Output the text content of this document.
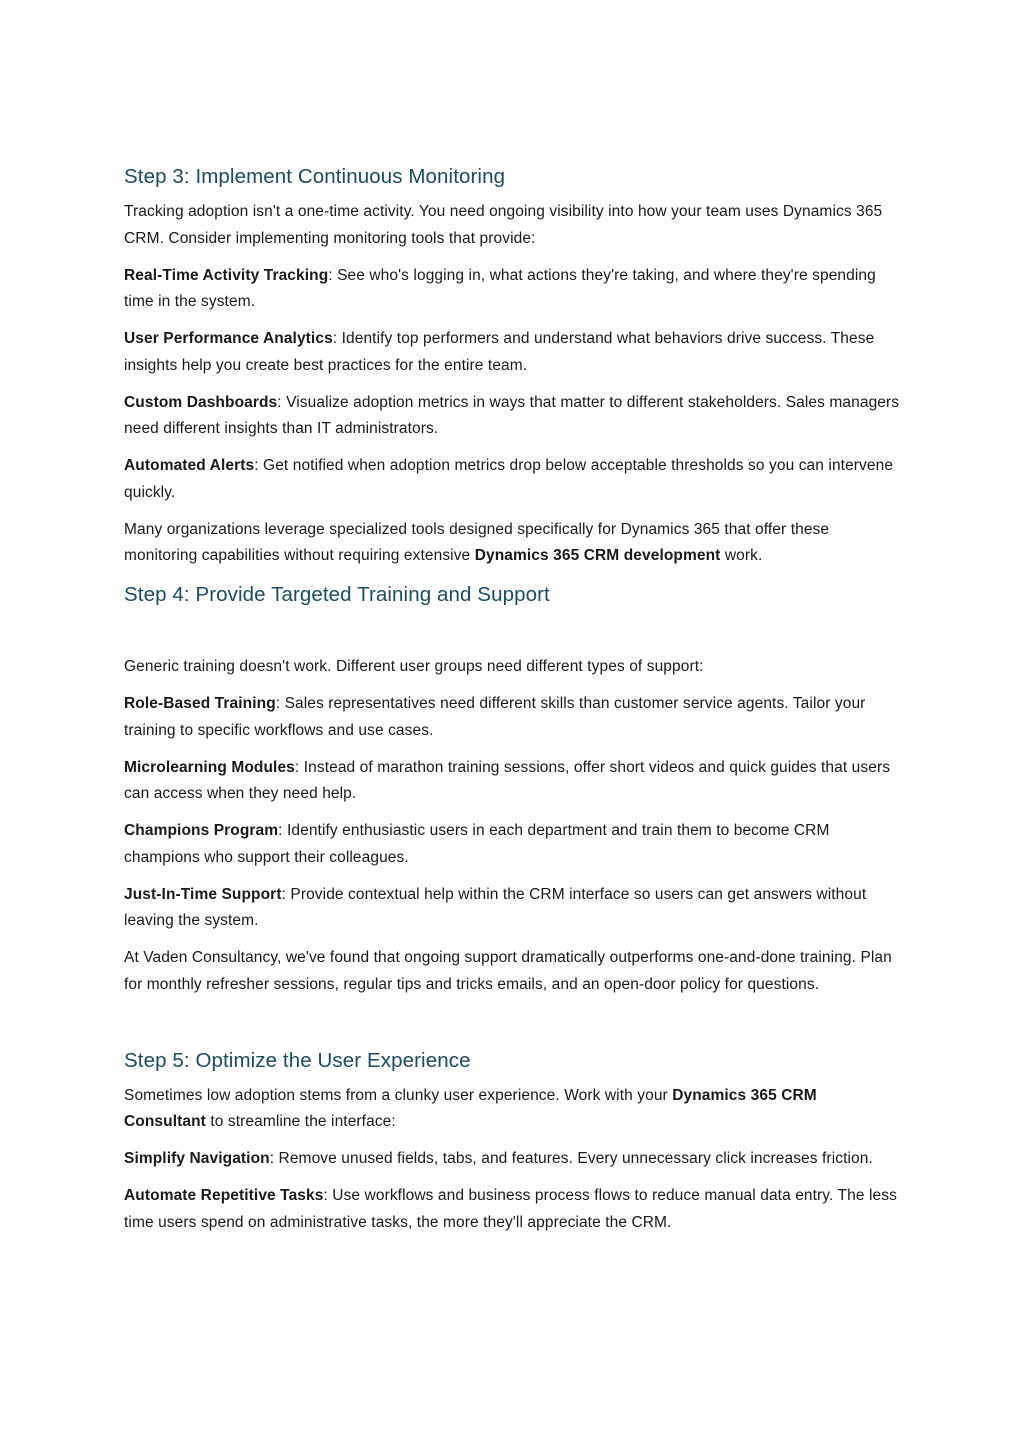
Step 3: Implement Continuous Monitoring

Tracking adoption isn't a one-time activity. You need ongoing visibility into how your team uses Dynamics 365 CRM. Consider implementing monitoring tools that provide:

Real-Time Activity Tracking: See who's logging in, what actions they're taking, and where they're spending time in the system.

User Performance Analytics: Identify top performers and understand what behaviors drive success. These insights help you create best practices for the entire team.

Custom Dashboards: Visualize adoption metrics in ways that matter to different stakeholders. Sales managers need different insights than IT administrators.

Automated Alerts: Get notified when adoption metrics drop below acceptable thresholds so you can intervene quickly.

Many organizations leverage specialized tools designed specifically for Dynamics 365 that offer these monitoring capabilities without requiring extensive Dynamics 365 CRM development work.

Step 4: Provide Targeted Training and Support

Generic training doesn't work. Different user groups need different types of support:

Role-Based Training: Sales representatives need different skills than customer service agents. Tailor your training to specific workflows and use cases.

Microlearning Modules: Instead of marathon training sessions, offer short videos and quick guides that users can access when they need help.

Champions Program: Identify enthusiastic users in each department and train them to become CRM champions who support their colleagues.

Just-In-Time Support: Provide contextual help within the CRM interface so users can get answers without leaving the system.

At Vaden Consultancy, we've found that ongoing support dramatically outperforms one-and-done training. Plan for monthly refresher sessions, regular tips and tricks emails, and an open-door policy for questions.

Step 5: Optimize the User Experience

Sometimes low adoption stems from a clunky user experience. Work with your Dynamics 365 CRM Consultant to streamline the interface:

Simplify Navigation: Remove unused fields, tabs, and features. Every unnecessary click increases friction.

Automate Repetitive Tasks: Use workflows and business process flows to reduce manual data entry. The less time users spend on administrative tasks, the more they'll appreciate the CRM.
